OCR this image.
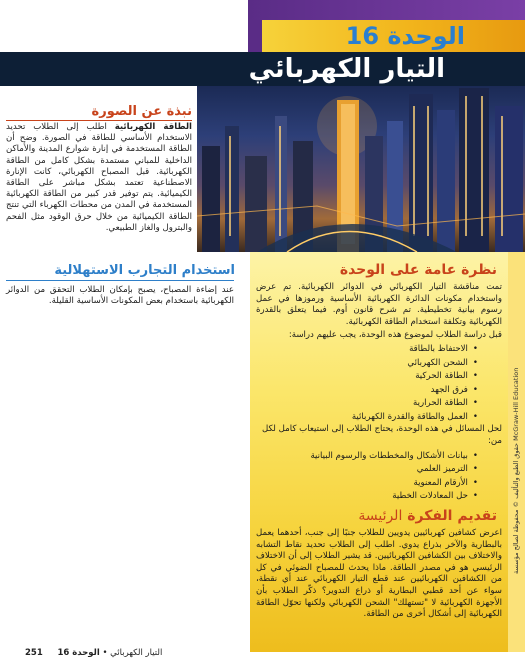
الوحدة 16
التيار الكهربائي
نبذة عن الصورة
الطاقة الكهربائية اطلب إلى الطلاب تحديد الاستخدام الأساسي للطاقة في الصورة. وضح أن الطاقة المستخدمة في إنارة شوارع المدينة والأماكن الداخلية للمباني مستمدة بشكل كامل من الطاقة الكهربائية. قبل المصباح الكهربائي، كانت الإنارة الاصطناعية تعتمد بشكل مباشر على الطاقة الكيميائية. يتم توفير قدر كبير من الطاقة الكهربائية المستخدمة في المدن من محطات الكهرباء التي تنتج الطاقة الكيميائية من خلال حرق الوقود مثل الفحم والبترول والغاز الطبيعي.
استخدام التجارب الاستهلالية
عند إضاءة المصباح، يصبح بإمكان الطلاب التحقق من الدوائر الكهربائية باستخدام بعض المكونات الأساسية القليلة.
نظرة عامة على الوحدة
تمت مناقشة التيار الكهربائي في الدوائر الكهربائية. تم عرض واستخدام مكونات الدائرة الكهربائية الأساسية ورموزها في عمل رسوم بيانية تخطيطية. تم شرح قانون أوم. فيما يتعلق بالقدرة الكهربائية وتكلفة استخدام الطاقة الكهربائية.
قبل دراسة الطلاب لموضوع هذه الوحدة، يجب عليهم دراسة:
• الاحتفاظ بالطاقة
• الشحن الكهربائي
• الطاقة الحركية
• فرق الجهد
• الطاقة الحرارية
• العمل والطاقة والقدرة الكهربائية
لحل المسائل في هذه الوحدة، يحتاج الطلاب إلى استيعاب كامل لكل من:
• بيانات الأشكال والمخططات والرسوم البيانية
• الترميز العلمي
• الأرقام المعنوية
• حل المعادلات الخطية
تقديم الفكرة الرئيسة
اعرض كشافين كهربائيين يدويين للطلاب جنبًا إلى جنب، أحدهما يعمل بالبطارية والآخر بذراع يدوي. اطلب إلى الطلاب تحديد نقاط التشابه والاختلاف بين الكشافين الكهربائيين. قد يشير الطلاب إلى أن الاختلاف الرئيسي هو في مصدر الطاقة. ماذا يحدث للمصباح الضوئي في كل من الكشافين الكهربائيين عند قطع التيار الكهربائي عند أي نقطة، سواء عن أحد قطبي البطارية أو ذراع التدوير؟ ذكّر الطلاب بأن الأجهزة الكهربائية لا "تستهلك" الشحن الكهربائي ولكنها تحوّل الطاقة الكهربائية إلى أشكال أخرى من الطاقة.
حقوق الطبع والتأليف © محفوظة لصالح مؤسسة McGraw-Hill Education
251	التيار الكهربائي • الوحدة 16
